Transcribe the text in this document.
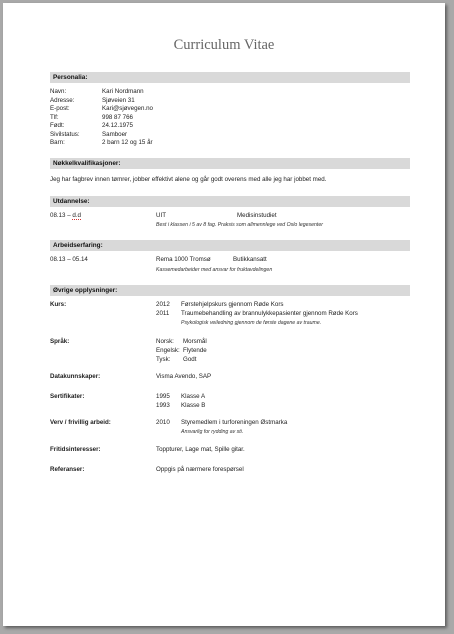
Curriculum Vitae
Personalia:
Navn:	Kari Nordmann
Adresse:	Sjøveien 31
E-post:	Kari@sjøvegen.no
Tlf:	998 87 766
Født:	24.12.1975
Sivilstatus:	Samboer
Barn:	2 barn 12 og 15 år
Nøkkelkvalifikasjoner:
Jeg har fagbrev innen tømrer, jobber effektivt alene og går godt overens med alle jeg har jobbet med.
Utdannelse:
08.13 – d.d	UIT	Medisinstudiet
Best i klassen i 5 av 8 fag. Praksis som allmennlege ved Oslo legesenter
Arbeidserfaring:
08.13 – 05.14	Rema 1000 Tromsø	Butikkansatt
Kassemedarbeider med ansvar for fruktavdelingen
Øvrige opplysninger:
Kurs:	2012 Førstehjelpskurs gjennom Røde Kors
2011 Traumebehandling av brannulykkepasienter gjennom Røde Kors
Psykologisk veiledning gjennom de første dagene av traume.
Språk:	Norsk: Morsmål
Engelsk: Flytende
Tysk: Godt
Datakunnskaper:	Visma Avendo, SAP
Sertifikater:	1995 Klasse A
1993 Klasse B
Verv / frivillig arbeid:	2010 Styremedlem i turforeningen Østmarka
Ansvarlig for rydding av sti.
Fritidsinteresser:	Toppturer, Lage mat, Spille gitar.
Referanser:	Oppgis på nærmere forespørsel
